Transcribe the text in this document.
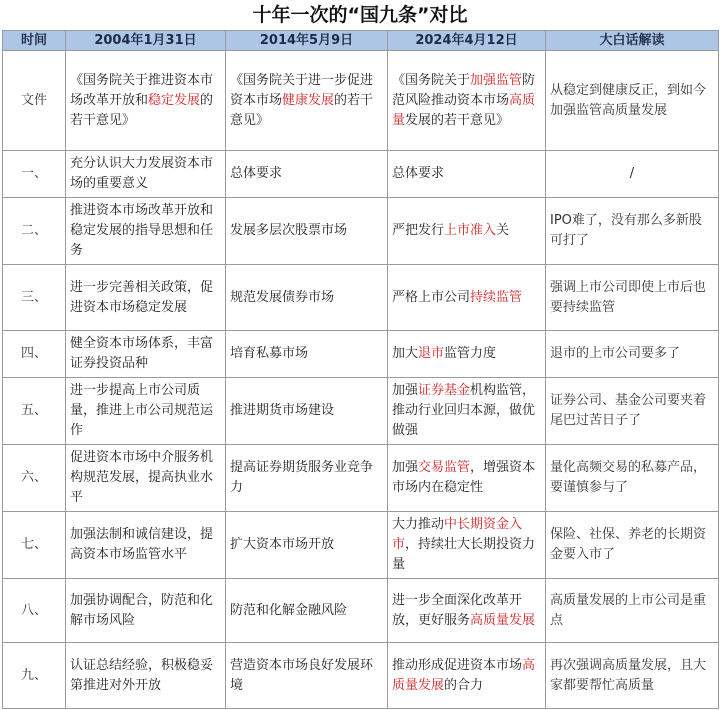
十年一次的“国九条”对比
时间	2004年1月31日	2014年5月9日	2024年4月12日	大白话解读
文件	《国务院关于推进资本市场改革开放和稳定发展的若干意见》	《国务院关于进一步促进资本市场健康发展的若干意见》	《国务院关于加强监管防范风险推动资本市场高质量发展的若干意见》	从稳定到健康反正，到如今加强监管高质量发展
一、	充分认识大力发展资本市场的重要意义	总体要求	总体要求	/
二、	推进资本市场改革开放和稳定发展的指导思想和任务	发展多层次股票市场	严把发行上市准入关	IPO难了，没有那么多新股可打了
三、	进一步完善相关政策，促进资本市场稳定发展	规范发展债券市场	严格上市公司持续监管	强调上市公司即使上市后也要持续监管
四、	健全资本市场体系，丰富证券投资品种	培育私募市场	加大退市监管力度	退市的上市公司要多了
五、	进一步提高上市公司质量，推进上市公司规范运作	推进期货市场建设	加强证券基金机构监管，推动行业回归本源，做优做强	证券公司、基金公司要夹着尾巴过苦日子了
六、	促进资本市场中介服务机构规范发展，提高执业水平	提高证券期货服务业竞争力	加强交易监管，增强资本市场内在稳定性	量化高频交易的私募产品，要谨慎参与了
七、	加强法制和诚信建设，提高资本市场监管水平	扩大资本市场开放	大力推动中长期资金入市，持续壮大长期投资力量	保险、社保、养老的长期资金要入市了
八、	加强协调配合，防范和化解市场风险	防范和化解金融风险	进一步全面深化改革开放，更好服务高质量发展	高质量发展的上市公司是重点
九、	认证总结经验，积极稳妥第推进对外开放	营造资本市场良好发展环境	推动形成促进资本市场高质量发展的合力	再次强调高质量发展，且大家都要帮忙高质量
